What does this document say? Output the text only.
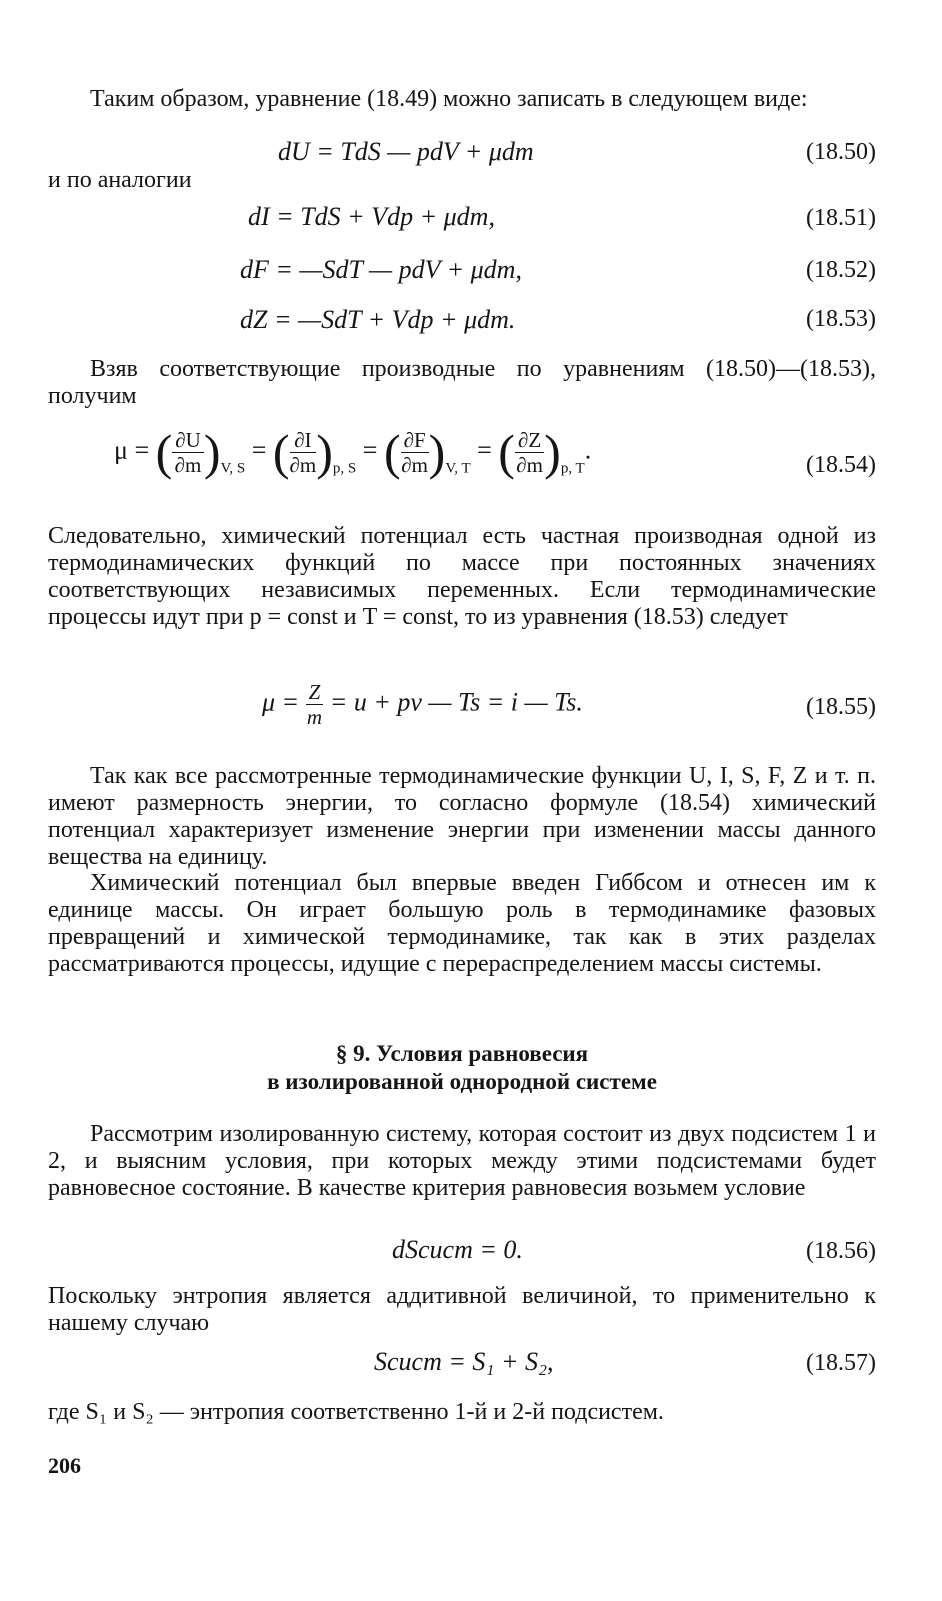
Таким образом, уравнение (18.49) можно записать в следующем виде:

dU = TdS — pdV + μdm	(18.50)

и по аналогии

dI = TdS + Vdp + μdm,	(18.51)
dF = —SdT — pdV + μdm,	(18.52)
dZ = —SdT + Vdp + μdm.	(18.53)

Взяв соответствующие производные по уравнениям (18.50)—(18.53), получим

μ = ( $\frac{\partial U}{\partial m} )_{V, S}$ = ( $\frac{\partial I}{\partial m} )_{p, S}$ = ( $\frac{\partial F}{\partial m} )_{V, T}$ = ( $\frac{\partial Z}{\partial m} )_{p, T}$.
(18.54)

Следовательно, химический потенциал есть частная производная одной из термодинамических функций по массе при постоянных значениях соответствующих независимых переменных. Если термодинамические процессы идут при p = const и T = const, то из уравнения (18.53) следует

$\mu = \frac{Z}{m} = u$ + pv — Ts = i — Ts.	(18.55)

Так как все рассмотренные термодинамические функции U, I, S, F, Z и т. п. имеют размерность энергии, то согласно формуле (18.54) химический потенциал характеризует изменение энергии при изменении массы данного вещества на единицу.

Химический потенциал был впервые введен Гиббсом и отнесен им к единице массы. Он играет большую роль в термодинамике фазовых превращений и химической термодинамике, так как в этих разделах рассматриваются процессы, идущие с перераспределением массы системы.

§ 9. Условия равновесия
в изолированной однородной системе

Рассмотрим изолированную систему, которая состоит из двух подсистем 1 и 2, и выясним условия, при которых между этими подсистемами будет равновесное состояние. В качестве критерия равновесия возьмем условие

dSсист = 0.	(18.56)

Поскольку энтропия является аддитивной величиной, то применительно к нашему случаю

Sсист = S₁ + S₂,	(18.57)

где S₁ и S₂ — энтропия соответственно 1-й и 2-й подсистем.

206
